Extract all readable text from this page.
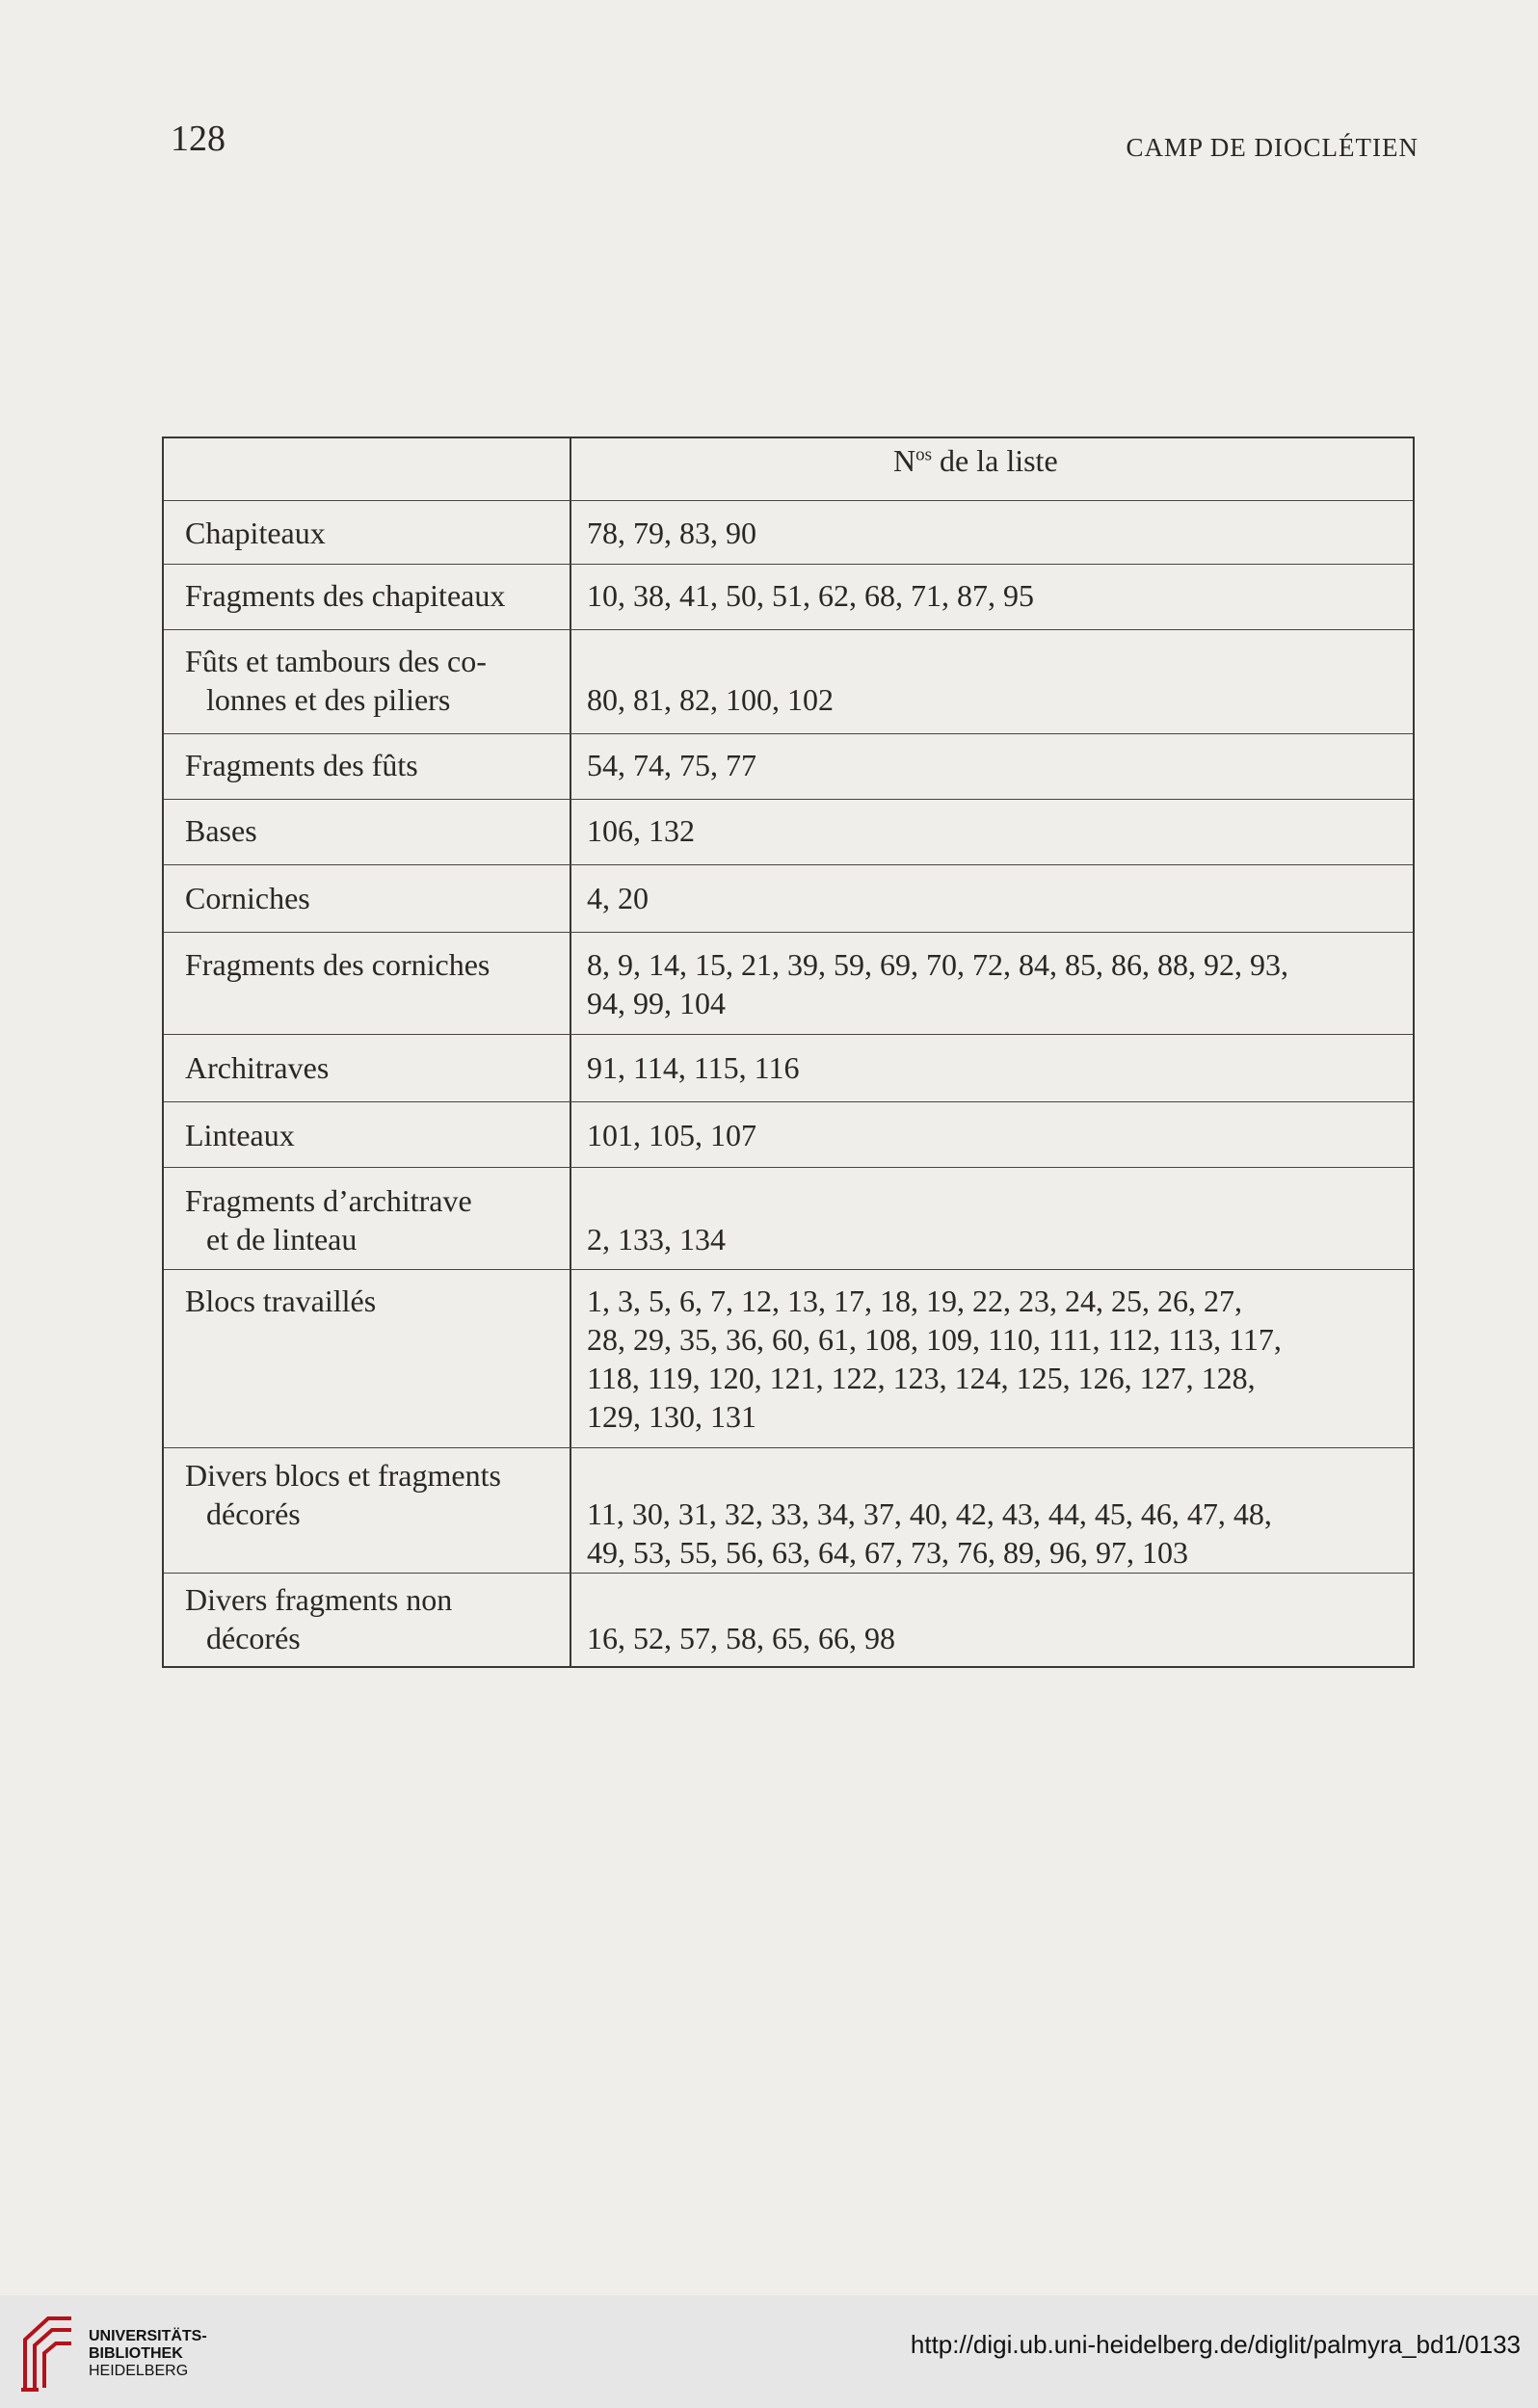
128	CAMP DE DIOCLÉTIEN
$N^{os}$ de la liste
Chapiteaux	78, 79, 83, 90
Fragments des chapiteaux	10, 38, 41, 50, 51, 62, 68, 71, 87, 95
Fûts et tambours des co-
lonnes et des piliers	80, 81, 82, 100, 102
Fragments des fûts	54, 74, 75, 77
Bases	106, 132
Corniches	4, 20
Fragments des corniches	8, 9, 14, 15, 21, 39, 59, 69, 70, 72, 84, 85, 86, 88, 92, 93,
94, 99, 104
Architraves	91, 114, 115, 116
Linteaux	101, 105, 107
Fragments d’architrave
et de linteau	2, 133, 134
Blocs travaillés	1, 3, 5, 6, 7, 12, 13, 17, 18, 19, 22, 23, 24, 25, 26, 27,
28, 29, 35, 36, 60, 61, 108, 109, 110, 111, 112, 113, 117,
118, 119, 120, 121, 122, 123, 124, 125, 126, 127, 128,
129, 130, 131
Divers blocs et fragments
décorés	11, 30, 31, 32, 33, 34, 37, 40, 42, 43, 44, 45, 46, 47, 48,
49, 53, 55, 56, 63, 64, 67, 73, 76, 89, 96, 97, 103
Divers fragments non
décorés	16, 52, 57, 58, 65, 66, 98
UNIVERSITÄTS-
BIBLIOTHEK
HEIDELBERG
http://digi.ub.uni-heidelberg.de/diglit/palmyra_bd1/0133
